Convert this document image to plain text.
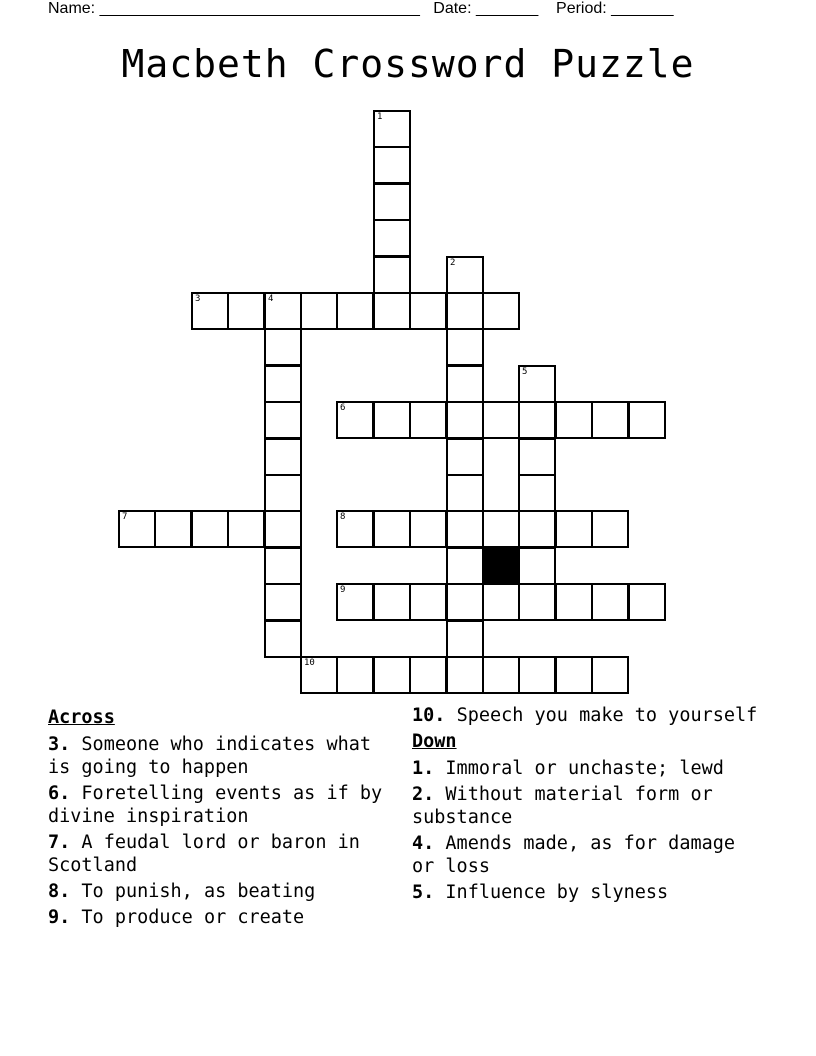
Name: ____________________________________ Date: _______ Period: _______
Macbeth Crossword Puzzle
1
2
3	4
5
6
7	8
9
10
Across
3. Someone who indicates what is going to happen
6. Foretelling events as if by divine inspiration
7. A feudal lord or baron in Scotland
8. To punish, as beating
9. To produce or create
10. Speech you make to yourself
Down
1. Immoral or unchaste; lewd
2. Without material form or substance
4. Amends made, as for damage or loss
5. Influence by slyness
